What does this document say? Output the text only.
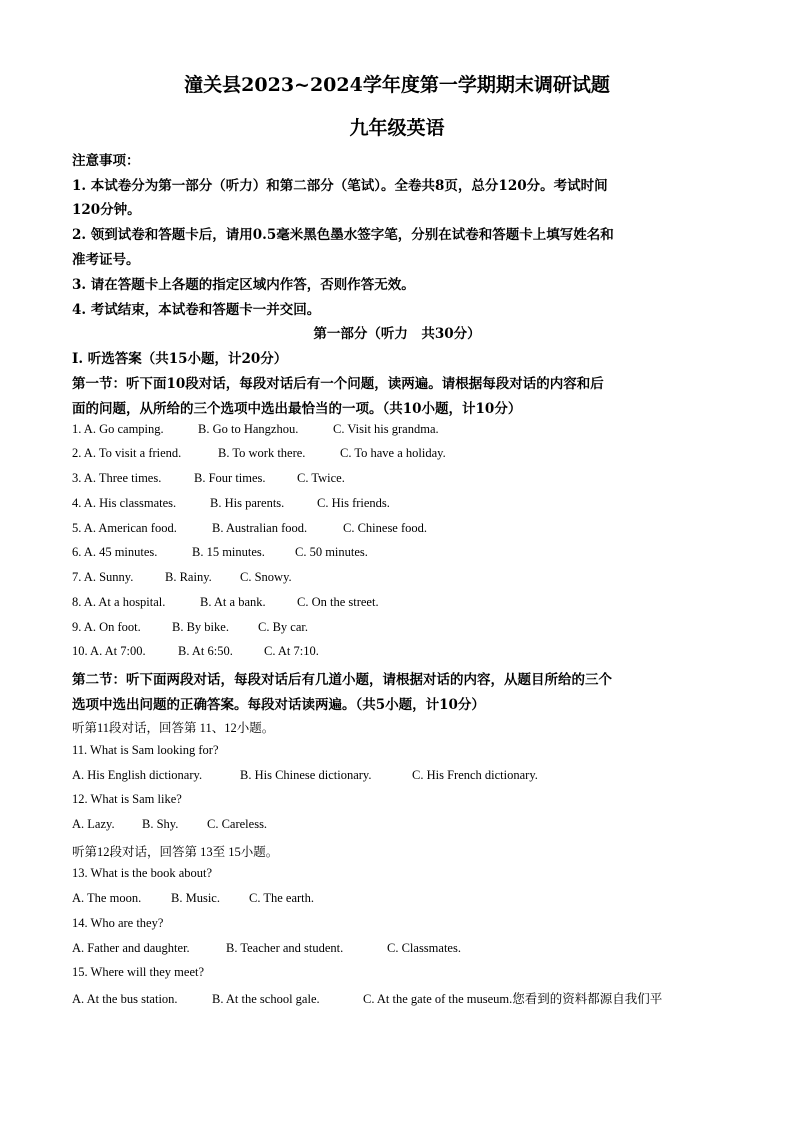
潼关县2023~2024学年度第一学期期末调研试题
九年级英语
注意事项：
1. 本试卷分为第一部分（听力）和第二部分（笔试）。全卷共8页，总分120分。考试时间
120分钟。
2. 领到试卷和答题卡后，请用0.5毫米黑色墨水签字笔，分别在试卷和答题卡上填写姓名和
准考证号。
3. 请在答题卡上各题的指定区域内作答，否则作答无效。
4. 考试结束，本试卷和答题卡一并交回。
第一部分（听力　共30分）
Ⅰ. 听选答案（共15小题，计20分）
第一节：听下面10段对话，每段对话后有一个问题，读两遍。请根据每段对话的内容和后
面的问题，从所给的三个选项中选出最恰当的一项。（共10小题，计10分）
1. A. Go camping.	B. Go to Hangzhou.	C. Visit his grandma.
2. A. To visit a friend.	B. To work there.	C. To have a holiday.
3. A. Three times.	B. Four times.	C. Twice.
4. A. His classmates.	B. His parents.	C. His friends.
5. A. American food.	B. Australian food.	C. Chinese food.
6. A. 45 minutes.	B. 15 minutes. C. 50 minutes.
7. A. Sunny.	B. Rainy. C. Snowy.
8. A. At a hospital.	B. At a bank.	C. On the street.
9. A. On foot.	B. By bike. C. By car.
10. A. At 7:00.	B. At 6:50. C. At 7:10.
第二节：听下面两段对话，每段对话后有几道小题，请根据对话的内容，从题目所给的三个
选项中选出问题的正确答案。每段对话读两遍。（共5小题，计10分）
听第11段对话，回答第 11、12小题。
11. What is Sam looking for?
A. His English dictionary.	B. His Chinese dictionary.	C. His French dictionary.
12. What is Sam like?
A. Lazy. B. Shy. C. Careless.
听第12段对话，回答第 13至 15小题。
13. What is the book about?
A. The moon. B. Music. C. The earth.
14. Who are they?
A. Father and daughter.	B. Teacher and student.	C. Classmates.
15. Where will they meet?
A. At the bus station.	B. At the school gale.	C. At the gate of the museum.您看到的资料都源自我们平
